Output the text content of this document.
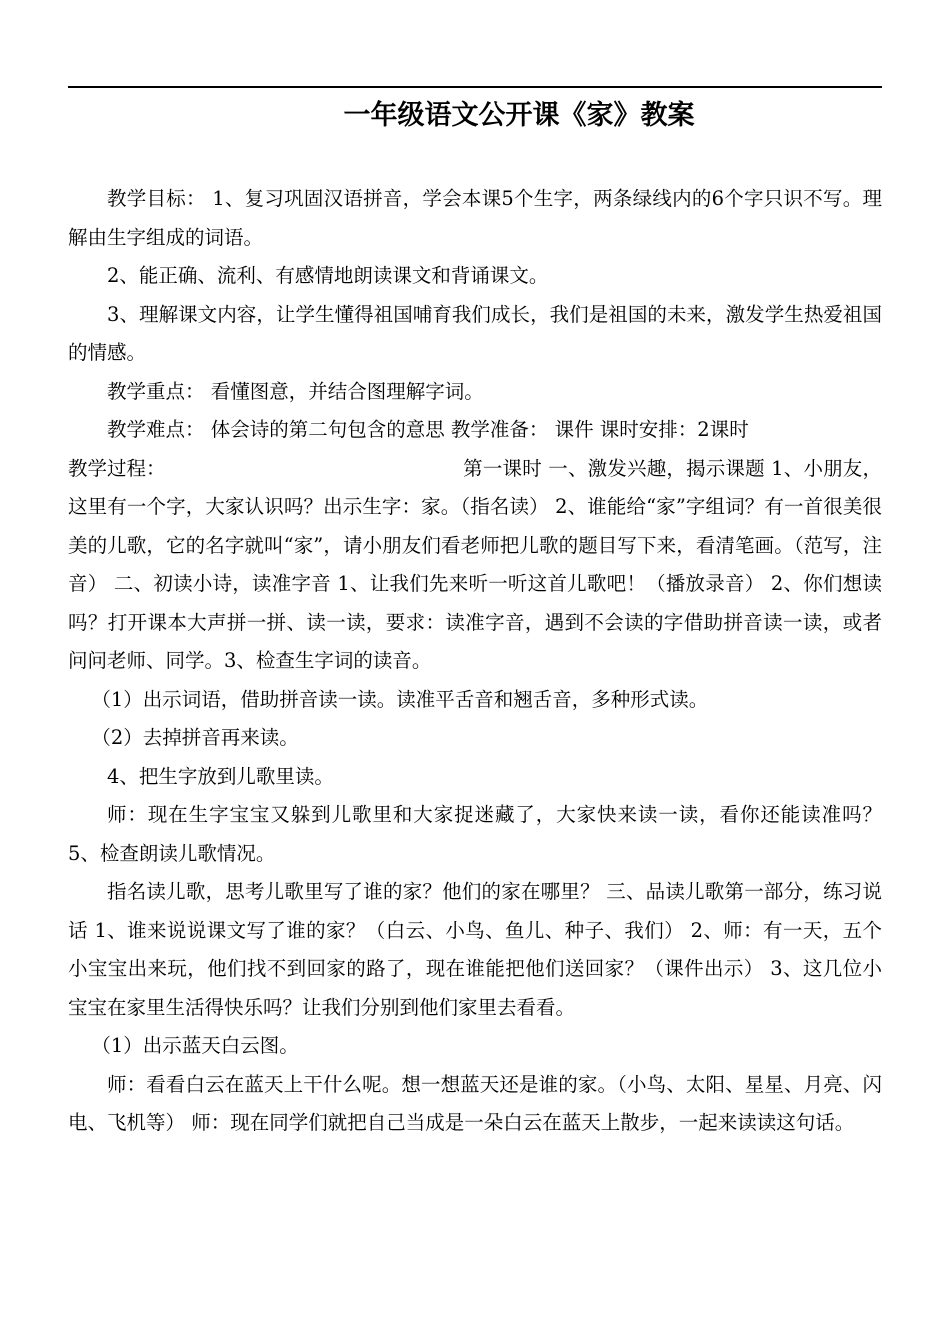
一年级语文公开课《家》教案

教学目标： 1、复习巩固汉语拼音，学会本课5个生字，两条绿线内的6个字只识不写。理解由生字组成的词语。

2、能正确、流利、有感情地朗读课文和背诵课文。

3、理解课文内容，让学生懂得祖国哺育我们成长，我们是祖国的未来，激发学生热爱祖国的情感。

教学重点： 看懂图意，并结合图理解字词。

教学难点： 体会诗的第二句包含的意思 教学准备： 课件 课时安排：2课时

教学过程：	第一课时 一、激发兴趣，揭示课题 1、小朋友，这里有一个字，大家认识吗？出示生字：家。（指名读） 2、谁能给“家”字组词？有一首很美很美的儿歌，它的名字就叫“家”，请小朋友们看老师把儿歌的题目写下来，看清笔画。（范写，注音） 二、初读小诗，读准字音 1、让我们先来听一听这首儿歌吧！（播放录音） 2、你们想读吗？打开课本大声拼一拼、读一读，要求：读准字音，遇到不会读的字借助拼音读一读，或者问问老师、同学。3、检查生字词的读音。

（1）出示词语，借助拼音读一读。读准平舌音和翘舌音，多种形式读。

（2）去掉拼音再来读。

4、把生字放到儿歌里读。

师：现在生字宝宝又躲到儿歌里和大家捉迷藏了，大家快来读一读，看你还能读准吗？ 5、检查朗读儿歌情况。

指名读儿歌，思考儿歌里写了谁的家？他们的家在哪里？ 三、品读儿歌第一部分，练习说话 1、谁来说说课文写了谁的家？（白云、小鸟、鱼儿、种子、我们） 2、师：有一天，五个小宝宝出来玩，他们找不到回家的路了，现在谁能把他们送回家？（课件出示） 3、这几位小宝宝在家里生活得快乐吗？让我们分别到他们家里去看看。

（1）出示蓝天白云图。

师：看看白云在蓝天上干什么呢。想一想蓝天还是谁的家。（小鸟、太阳、星星、月亮、闪电、飞机等） 师：现在同学们就把自己当成是一朵白云在蓝天上散步，一起来读读这句话。
